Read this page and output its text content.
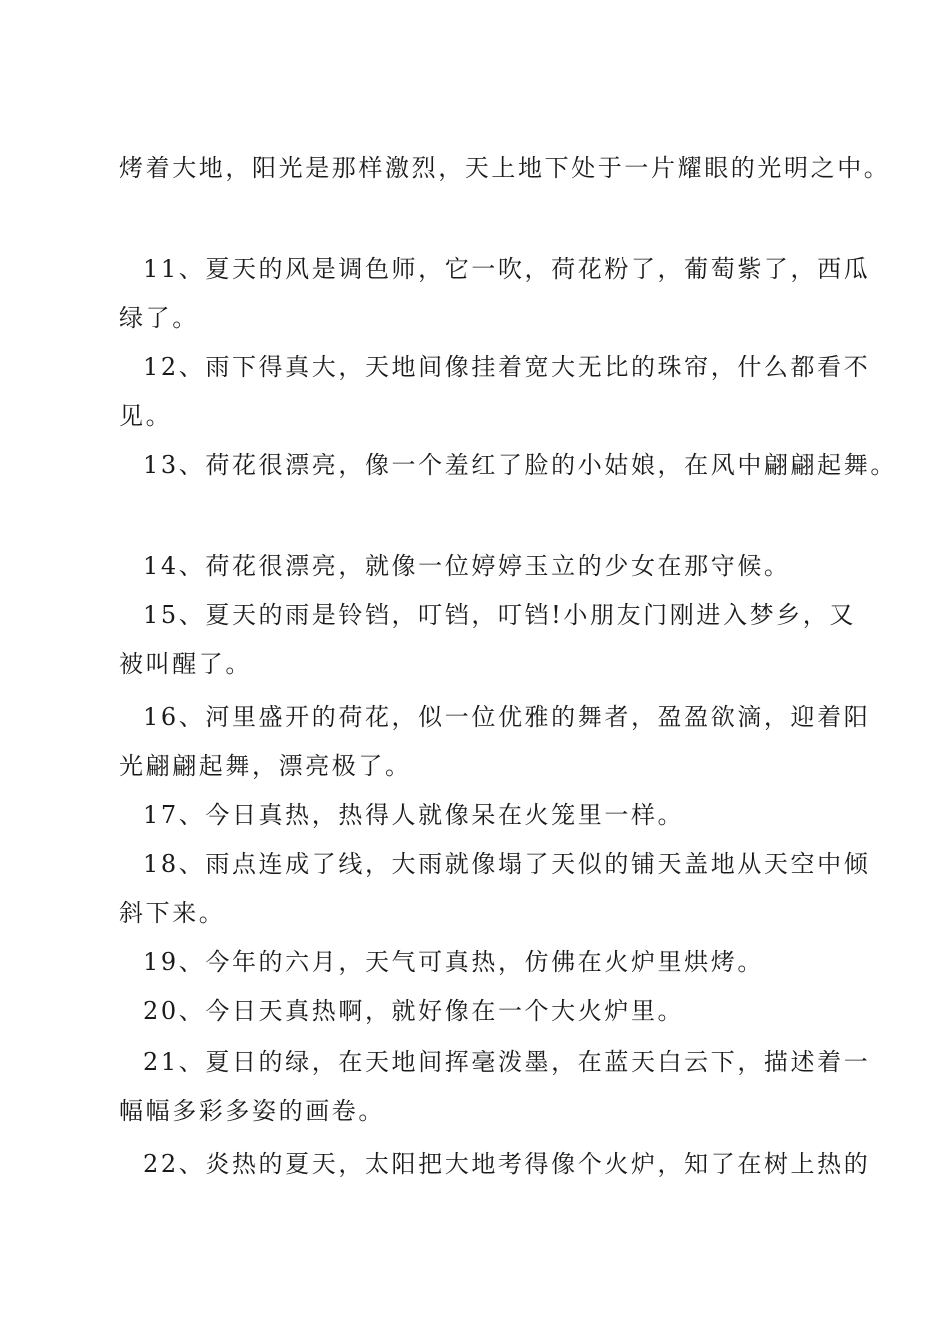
烤着大地，阳光是那样激烈，天上地下处于一片耀眼的光明之中。
11、夏天的风是调色师，它一吹，荷花粉了，葡萄紫了，西瓜
绿了。
12、雨下得真大，天地间像挂着宽大无比的珠帘，什么都看不
见。
13、荷花很漂亮，像一个羞红了脸的小姑娘，在风中翩翩起舞。
14、荷花很漂亮，就像一位婷婷玉立的少女在那守候。
15、夏天的雨是铃铛，叮铛，叮铛!小朋友门刚进入梦乡，又
被叫醒了。
16、河里盛开的荷花，似一位优雅的舞者，盈盈欲滴，迎着阳
光翩翩起舞，漂亮极了。
17、今日真热，热得人就像呆在火笼里一样。
18、雨点连成了线，大雨就像塌了天似的铺天盖地从天空中倾
斜下来。
19、今年的六月，天气可真热，仿佛在火炉里烘烤。
20、今日天真热啊，就好像在一个大火炉里。
21、夏日的绿，在天地间挥毫泼墨，在蓝天白云下，描述着一
幅幅多彩多姿的画卷。
22、炎热的夏天，太阳把大地考得像个火炉，知了在树上热的
